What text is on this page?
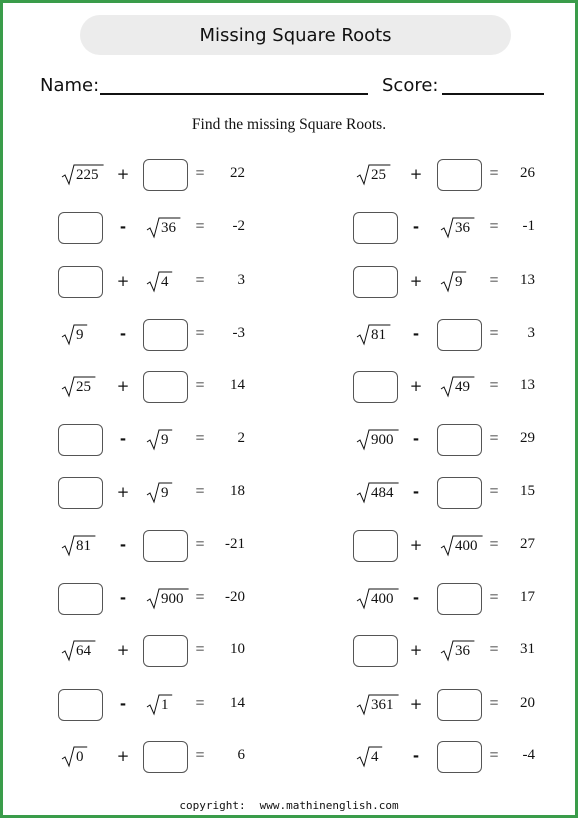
Missing Square Roots
Name:	Score:
Find the missing Square Roots.
225 +	=	22
- 36 =	-2
+ 4 =	3
9 -	=	-3
25 +	=	14
- 9 =	2
+ 9 =	18
81 -	=	-21
- 900 =	-20
64 +	=	10
- 1 =	14
0 +	=	6
25 +	=	26
- 36 =	-1
+ 9 =	13
81 -	=	3
+ 49 =	13
900 -	=	29
484 -	=	15
+ 400 =	27
400 -	=	17
+ 36 =	31
361 +	=	20
4 -	=	-4
copyright: www.mathinenglish.com
